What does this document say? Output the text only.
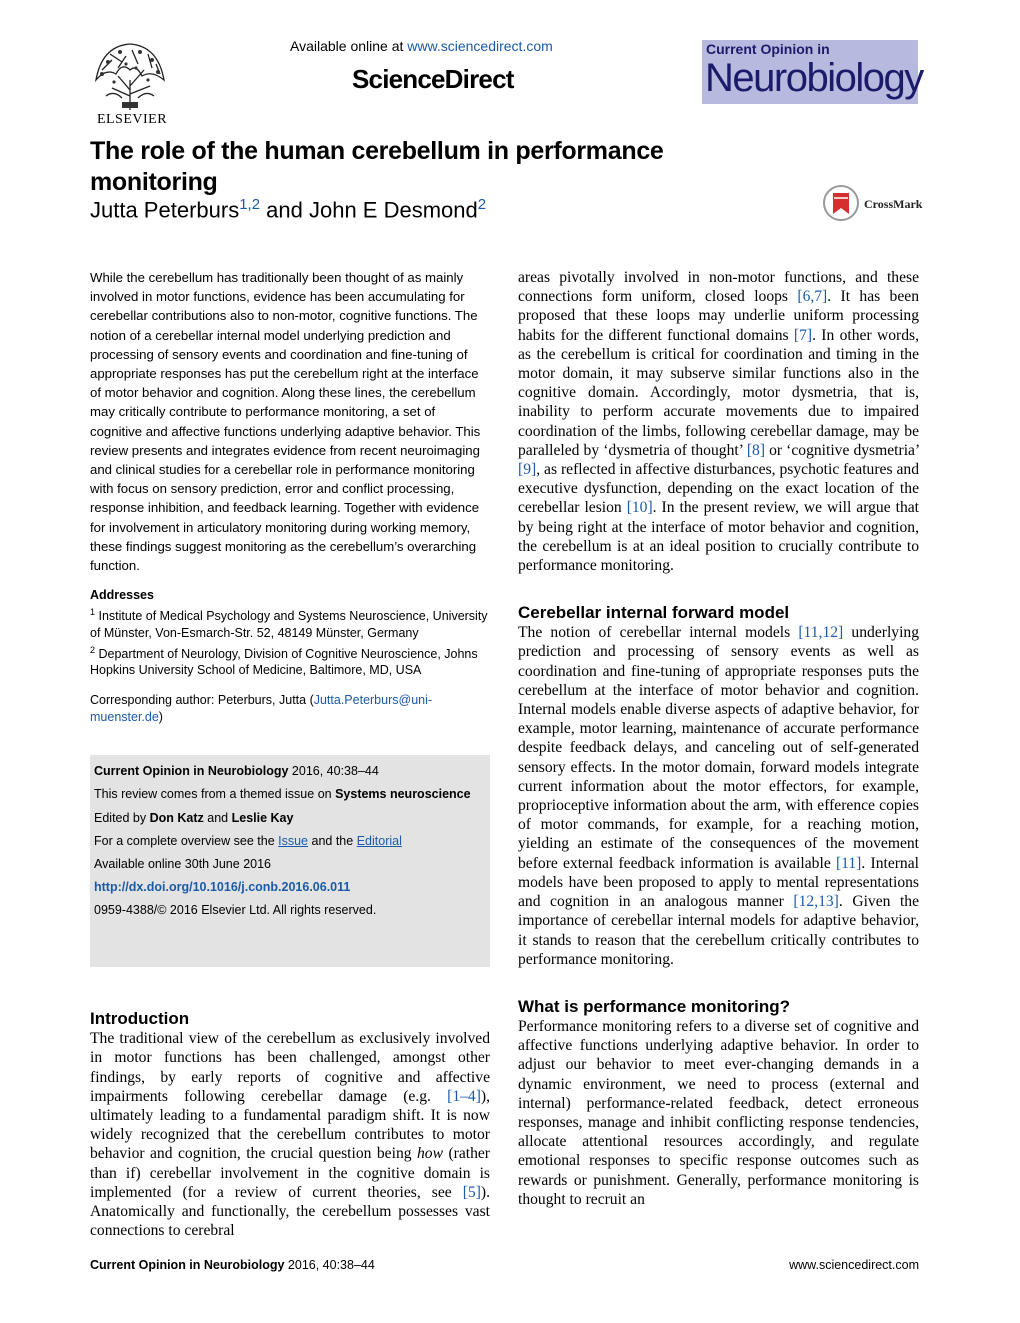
ELSEVIER
Available online at www.sciencedirect.com
ScienceDirect
Current Opinion in
Neurobiology
The role of the human cerebellum in performance monitoring
Jutta Peterburs$^{1,2}$ and John E Desmond$^2$	CrossMark

While the cerebellum has traditionally been thought of as mainly involved in motor functions, evidence has been accumulating for cerebellar contributions also to non-motor, cognitive functions. The notion of a cerebellar internal model underlying prediction and processing of sensory events and coordination and fine-tuning of appropriate responses has put the cerebellum right at the interface of motor behavior and cognition. Along these lines, the cerebellum may critically contribute to performance monitoring, a set of cognitive and affective functions underlying adaptive behavior. This review presents and integrates evidence from recent neuroimaging and clinical studies for a cerebellar role in performance monitoring with focus on sensory prediction, error and conflict processing, response inhibition, and feedback learning. Together with evidence for involvement in articulatory monitoring during working memory, these findings suggest monitoring as the cerebellum’s overarching function.

Addresses

$^1$ Institute of Medical Psychology and Systems Neuroscience, University of Münster, Von-Esmarch-Str. 52, 48149 Münster, Germany

$^2$ Department of Neurology, Division of Cognitive Neuroscience, Johns Hopkins University School of Medicine, Baltimore, MD, USA

Corresponding author: Peterburs, Jutta (Jutta.Peterburs@uni-muenster.de)

Current Opinion in Neurobiology 2016, 40:38–44

This review comes from a themed issue on Systems neuroscience

Edited by Don Katz and Leslie Kay

For a complete overview see the Issue and the Editorial

Available online 30th June 2016

http://dx.doi.org/10.1016/j.conb.2016.06.011

0959-4388/© 2016 Elsevier Ltd. All rights reserved.

Introduction

The traditional view of the cerebellum as exclusively involved in motor functions has been challenged, amongst other findings, by early reports of cognitive and affective impairments following cerebellar damage (e.g. [1–4]), ultimately leading to a fundamental paradigm shift. It is now widely recognized that the cerebellum contributes to motor behavior and cognition, the crucial question being how (rather than if) cerebellar involvement in the cognitive domain is implemented (for a review of current theories, see [5]). Anatomically and functionally, the cerebellum possesses vast connections to cerebral

areas pivotally involved in non-motor functions, and these connections form uniform, closed loops [6,7]. It has been proposed that these loops may underlie uniform processing habits for the different functional domains [7]. In other words, as the cerebellum is critical for coordination and timing in the motor domain, it may subserve similar functions also in the cognitive domain. Accordingly, motor dysmetria, that is, inability to perform accurate movements due to impaired coordination of the limbs, following cerebellar damage, may be paralleled by ‘dysmetria of thought’ [8] or ‘cognitive dysmetria’ [9], as reflected in affective disturbances, psychotic features and executive dysfunction, depending on the exact location of the cerebellar lesion [10]. In the present review, we will argue that by being right at the interface of motor behavior and cognition, the cerebellum is at an ideal position to crucially contribute to performance monitoring.

Cerebellar internal forward model

The notion of cerebellar internal models [11,12] underlying prediction and processing of sensory events as well as coordination and fine-tuning of appropriate responses puts the cerebellum at the interface of motor behavior and cognition. Internal models enable diverse aspects of adaptive behavior, for example, motor learning, maintenance of accurate performance despite feedback delays, and canceling out of self-generated sensory effects. In the motor domain, forward models integrate current information about the motor effectors, for example, proprioceptive information about the arm, with efference copies of motor commands, for example, for a reaching motion, yielding an estimate of the consequences of the movement before external feedback information is available [11]. Internal models have been proposed to apply to mental representations and cognition in an analogous manner [12,13]. Given the importance of cerebellar internal models for adaptive behavior, it stands to reason that the cerebellum critically contributes to performance monitoring.

What is performance monitoring?

Performance monitoring refers to a diverse set of cognitive and affective functions underlying adaptive behavior. In order to adjust our behavior to meet ever-changing demands in a dynamic environment, we need to process (external and internal) performance-related feedback, detect erroneous responses, manage and inhibit conflicting response tendencies, allocate attentional resources accordingly, and regulate emotional responses to specific response outcomes such as rewards or punishment. Generally, performance monitoring is thought to recruit an

Current Opinion in Neurobiology 2016, 40:38–44	www.sciencedirect.com
